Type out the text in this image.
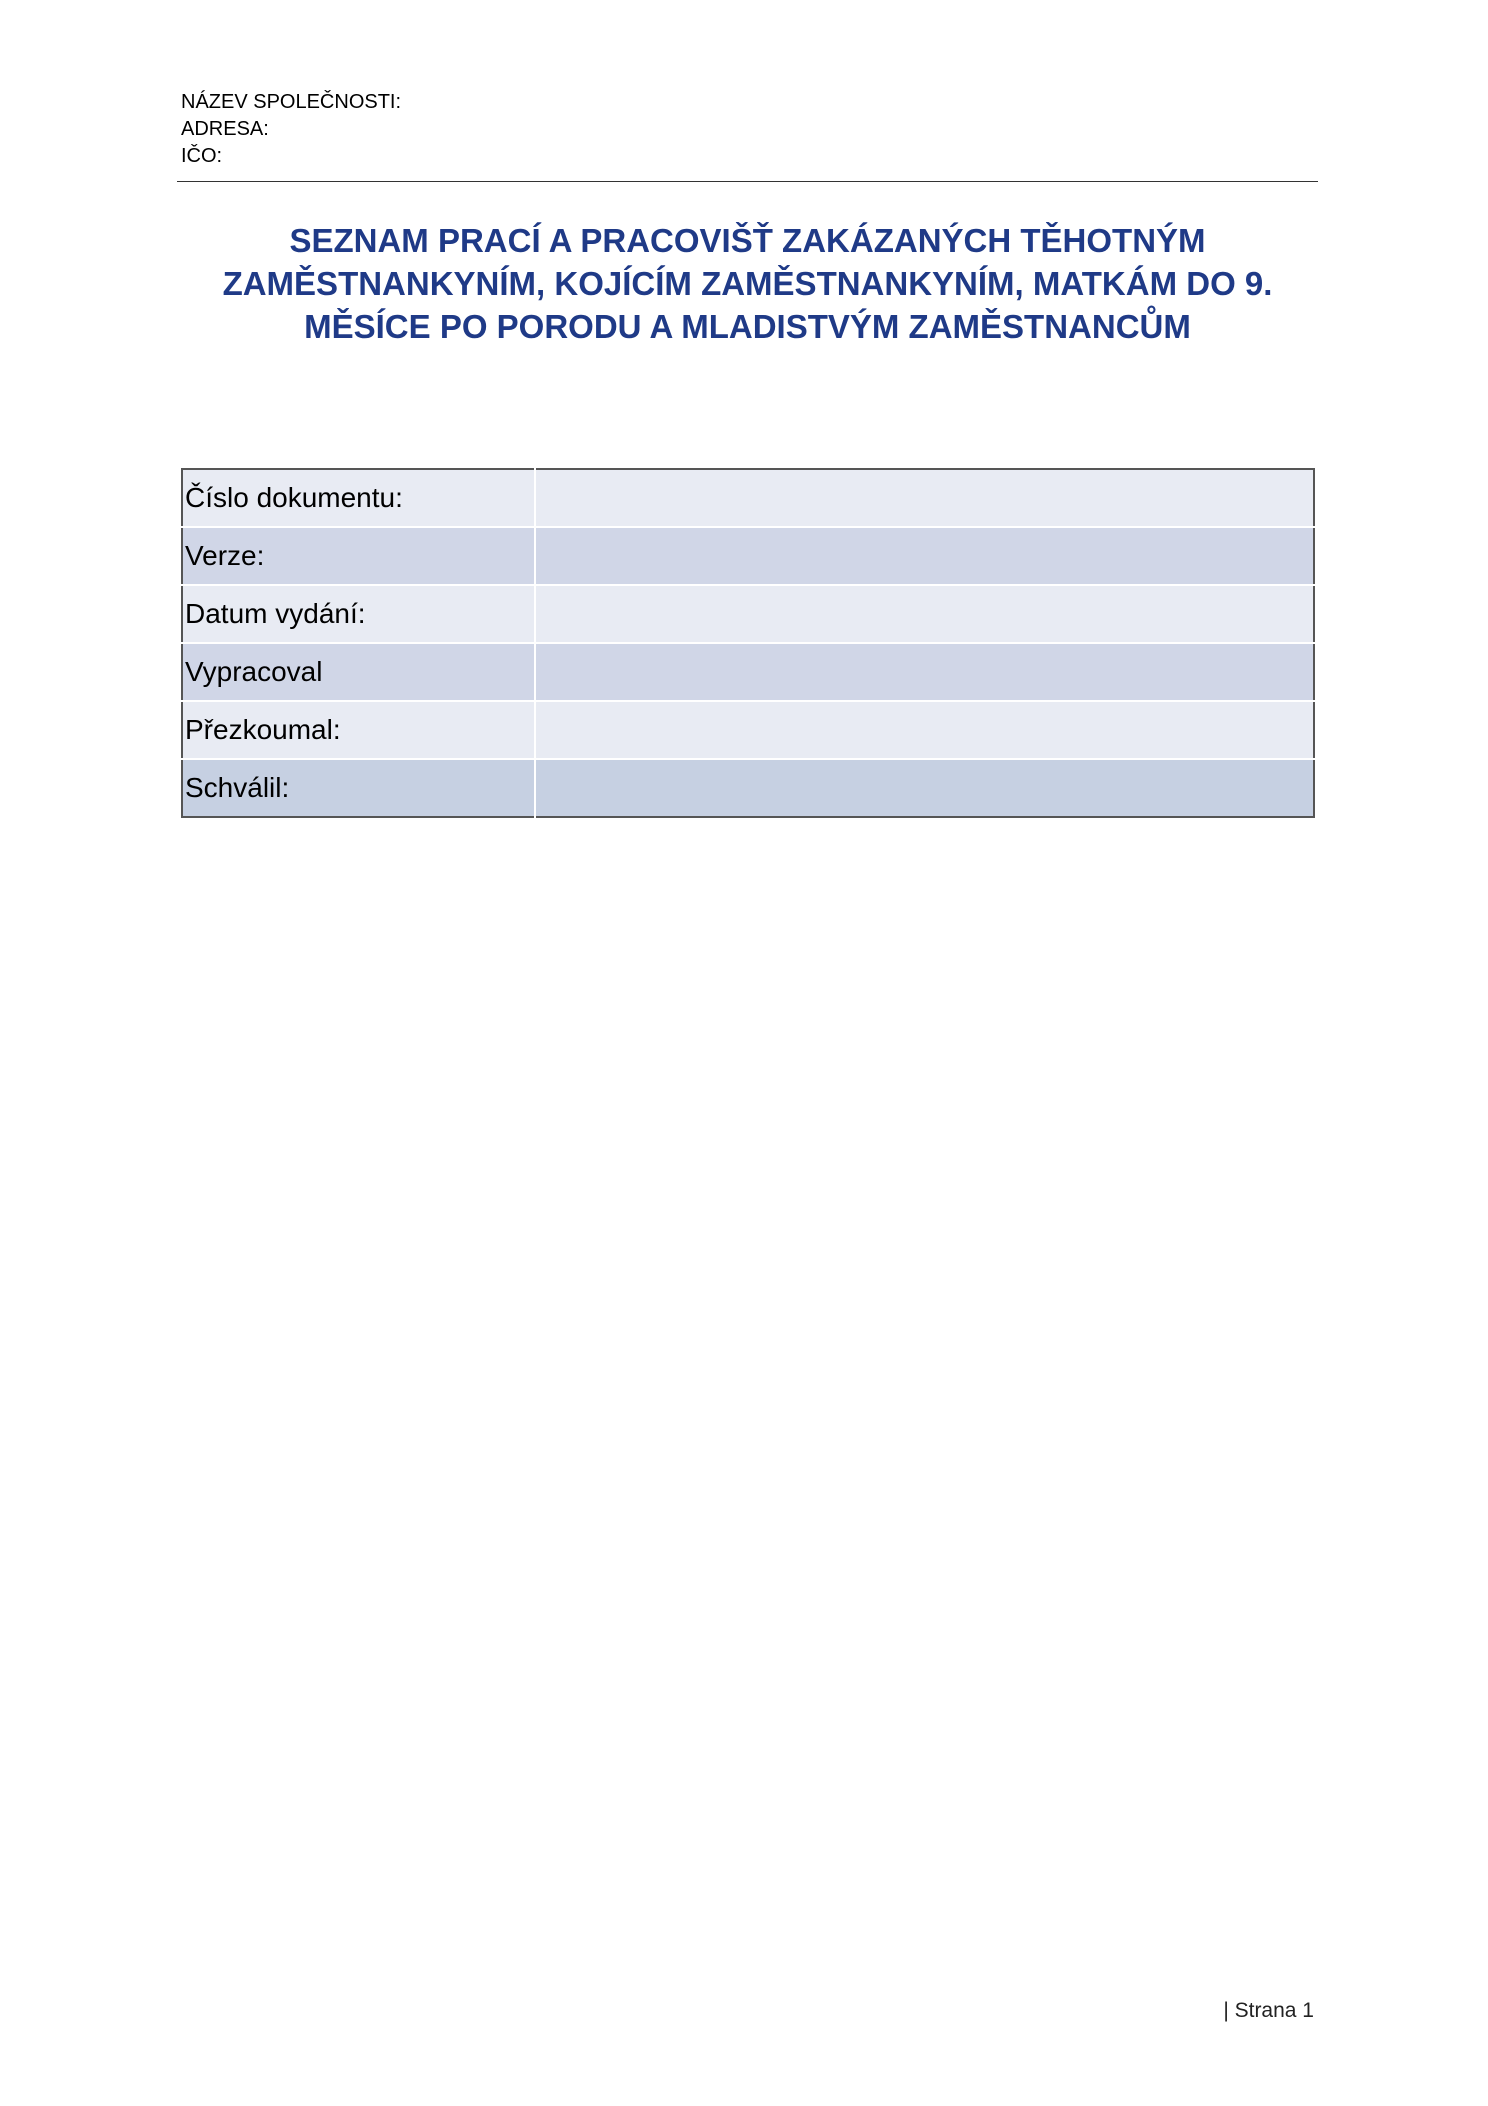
NÁZEV SPOLEČNOSTI:
ADRESA:
IČO:
SEZNAM PRACÍ A PRACOVIŠŤ ZAKÁZANÝCH TĚHOTNÝM
ZAMĚSTNANKYNÍM, KOJÍCÍM ZAMĚSTNANKYNÍM, MATKÁM DO 9.
MĚSÍCE PO PORODU A MLADISTVÝM ZAMĚSTNANCŮM
Číslo dokumentu:	
Verze:	
Datum vydání:	
Vypracoval	
Přezkoumal:	
Schválil:	
| Strana 1
